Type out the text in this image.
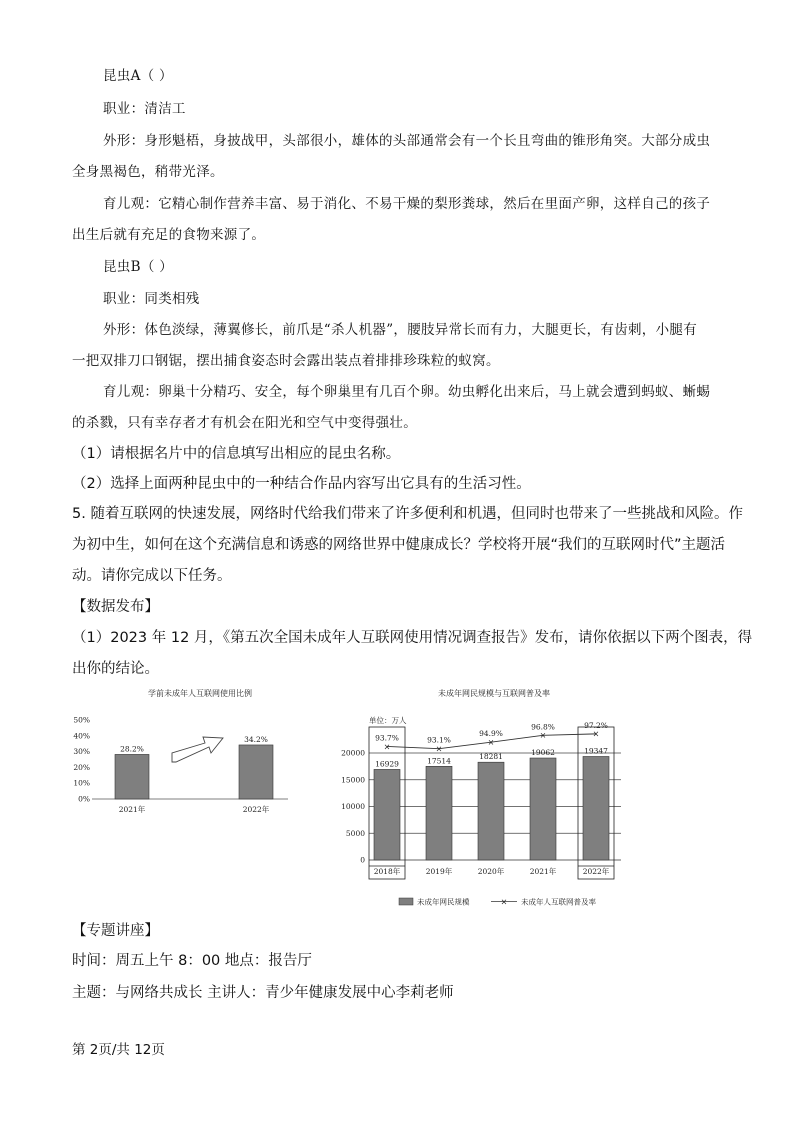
昆虫A（ ）
职业：清洁工
外形：身形魁梧，身披战甲，头部很小，雄体的头部通常会有一个长且弯曲的锥形角突。大部分成虫
全身黑褐色，稍带光泽。
育儿观：它精心制作营养丰富、易于消化、不易干燥的梨形粪球，然后在里面产卵，这样自己的孩子
出生后就有充足的食物来源了。
昆虫B（ ）
职业：同类相残
外形：体色淡绿，薄翼修长，前爪是“杀人机器”，腰肢异常长而有力，大腿更长，有齿刺，小腿有
一把双排刀口钢锯，摆出捕食姿态时会露出装点着排排珍珠粒的蚁窝。
育儿观：卵巢十分精巧、安全，每个卵巢里有几百个卵。幼虫孵化出来后，马上就会遭到蚂蚁、蜥蜴
的杀戮，只有幸存者才有机会在阳光和空气中变得强壮。
（1）请根据名片中的信息填写出相应的昆虫名称。
（2）选择上面两种昆虫中的一种结合作品内容写出它具有的生活习性。
5. 随着互联网的快速发展，网络时代给我们带来了许多便利和机遇，但同时也带来了一些挑战和风险。作
为初中生，如何在这个充满信息和诱惑的网络世界中健康成长？学校将开展“我们的互联网时代”主题活
动。请你完成以下任务。
【数据发布】
（1）2023 年 12 月，《第五次全国未成年人互联网使用情况调查报告》发布，请你依据以下两个图表，得
出你的结论。
学前未成年人互联网使用比例
0%
10%
20%
30%
40%
50%
28.2%
2021年
34.2%
2022年
未成年网民规模与互联网普及率
单位：万人
0
5000
10000
15000
20000
16929
2018年
17514
2019年
18281
2020年
19062
2021年
19347
2022年
×
93.7%
×
93.1%	×
94.9%	×
96.8%
×
97.2%
未成年网民规模	× 未成年人互联网普及率
【专题讲座】
时间：周五上午 8：00 地点：报告厅
主题：与网络共成长 主讲人：青少年健康发展中心李莉老师
第 2页/共 12页
